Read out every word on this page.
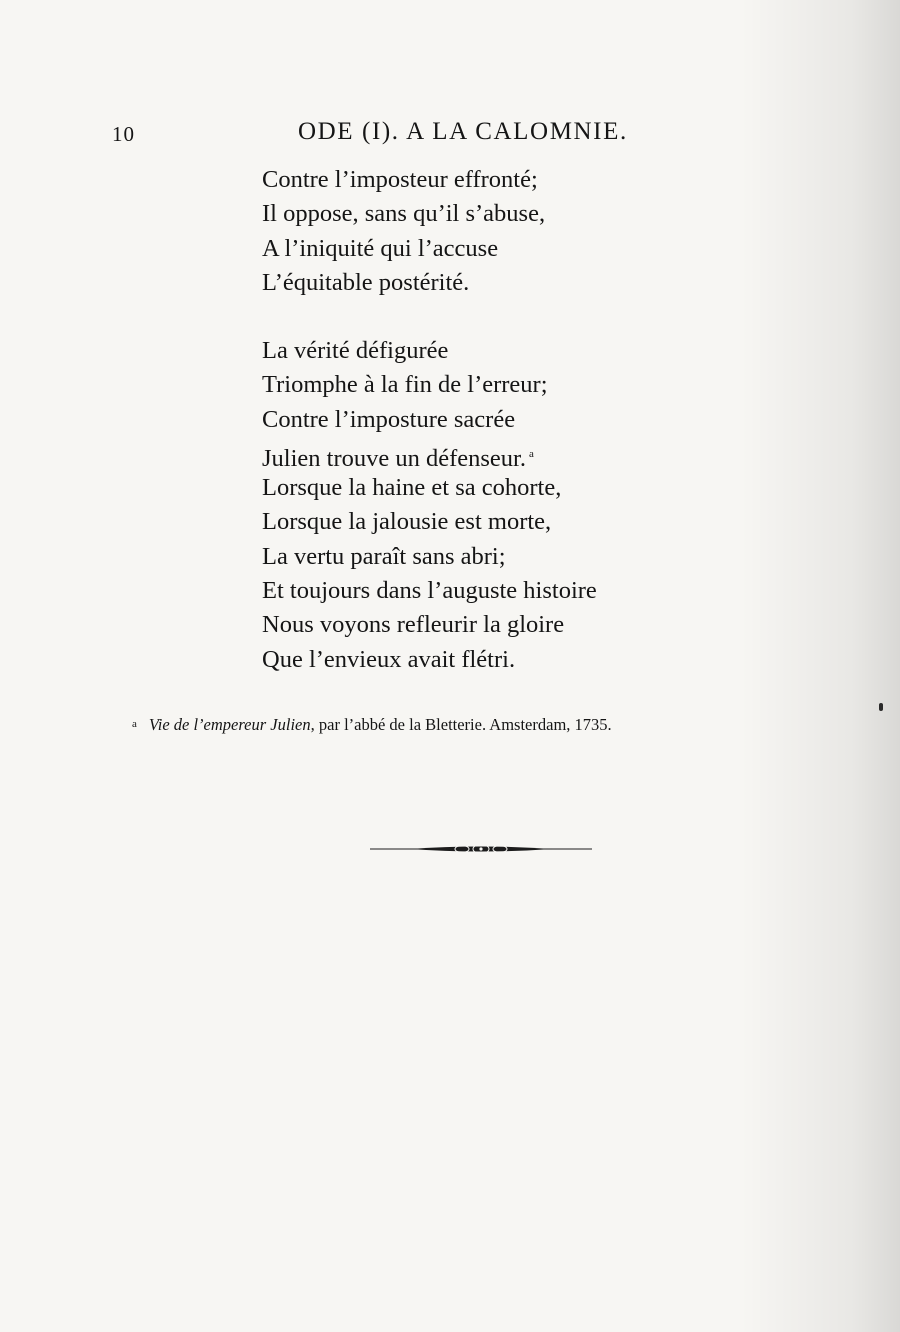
10	ODE (I). A LA CALOMNIE.
Contre l’imposteur effronté;
Il oppose, sans qu’il s’abuse,
A l’iniquité qui l’accuse
L’équitable postérité.
La vérité défigurée
Triomphe à la fin de l’erreur;
Contre l’imposture sacrée
Julien trouve un défenseur. $^a$
Lorsque la haine et sa cohorte,
Lorsque la jalousie est morte,
La vertu paraît sans abri;
Et toujours dans l’auguste histoire
Nous voyons refleurir la gloire
Que l’envieux avait flétri.
a Vie de l’empereur Julien, par l’abbé de la Bletterie. Amsterdam, 1735.
